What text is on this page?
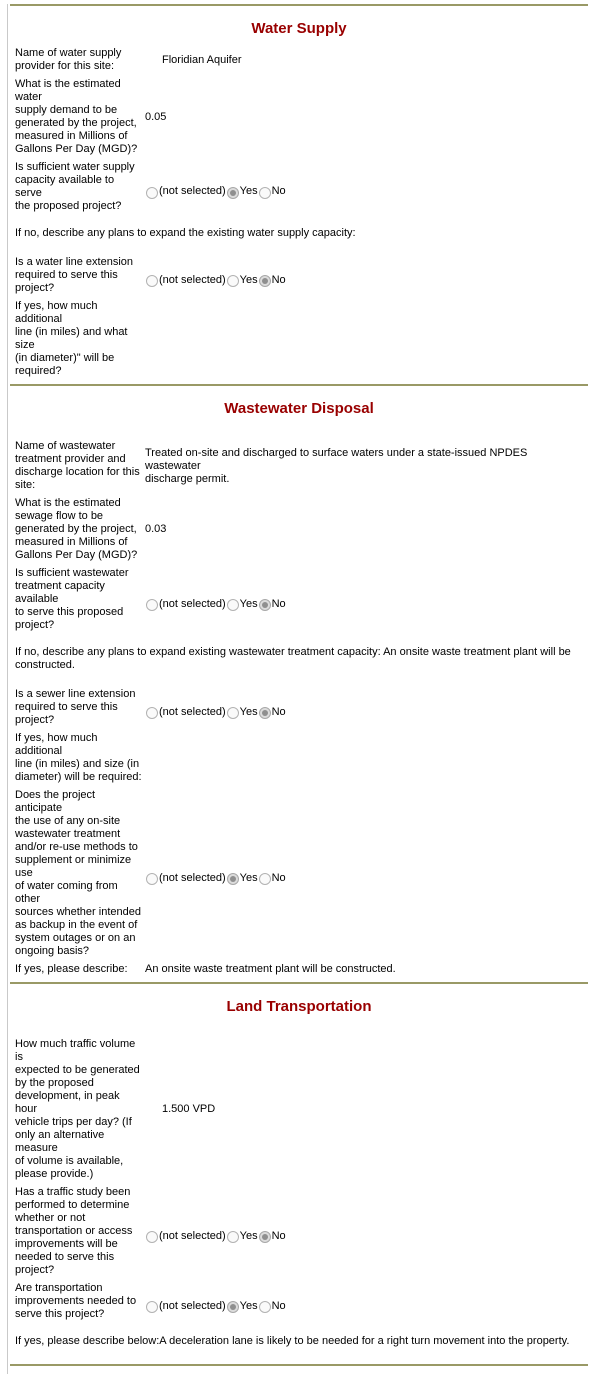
Water Supply
Name of water supply
provider for this site:
Floridian Aquifer
What is the estimated water
supply demand to be
generated by the project,
measured in Millions of
Gallons Per Day (MGD)?
0.05
Is sufficient water supply
capacity available to serve
the proposed project?

(not selected) Yes No

If no, describe any plans to expand the existing water supply capacity:
Is a water line extension
required to serve this
project?

(not selected) Yes No

If yes, how much additional
line (in miles) and what size
(in diameter)" will be
required?
Wastewater Disposal
Name of wastewater
treatment provider and
discharge location for this
site:
Treated on-site and discharged to surface waters under a state-issued NPDES wastewater
discharge permit.
What is the estimated
sewage flow to be
generated by the project,
measured in Millions of
Gallons Per Day (MGD)?
0.03
Is sufficient wastewater
treatment capacity available
to serve this proposed
project?

(not selected) Yes No

If no, describe any plans to expand existing wastewater treatment capacity: An onsite waste treatment plant will be
constructed.
Is a sewer line extension
required to serve this
project?

(not selected) Yes No

If yes, how much additional
line (in miles) and size (in
diameter) will be required:
Does the project anticipate
the use of any on-site
wastewater treatment
and/or re-use methods to
supplement or minimize use
of water coming from other
sources whether intended
as backup in the event of
system outages or on an
ongoing basis?

(not selected) Yes No

If yes, please describe:	An onsite waste treatment plant will be constructed.
Land Transportation
How much traffic volume is
expected to be generated
by the proposed
development, in peak hour
vehicle trips per day? (If
only an alternative measure
of volume is available,
please provide.)
1.500 VPD
Has a traffic study been
performed to determine
whether or not
transportation or access
improvements will be
needed to serve this
project?

(not selected) Yes No

Are transportation
improvements needed to
serve this project?

(not selected) Yes No

If yes, please describe below:A deceleration lane is likely to be needed for a right turn movement into the property.
